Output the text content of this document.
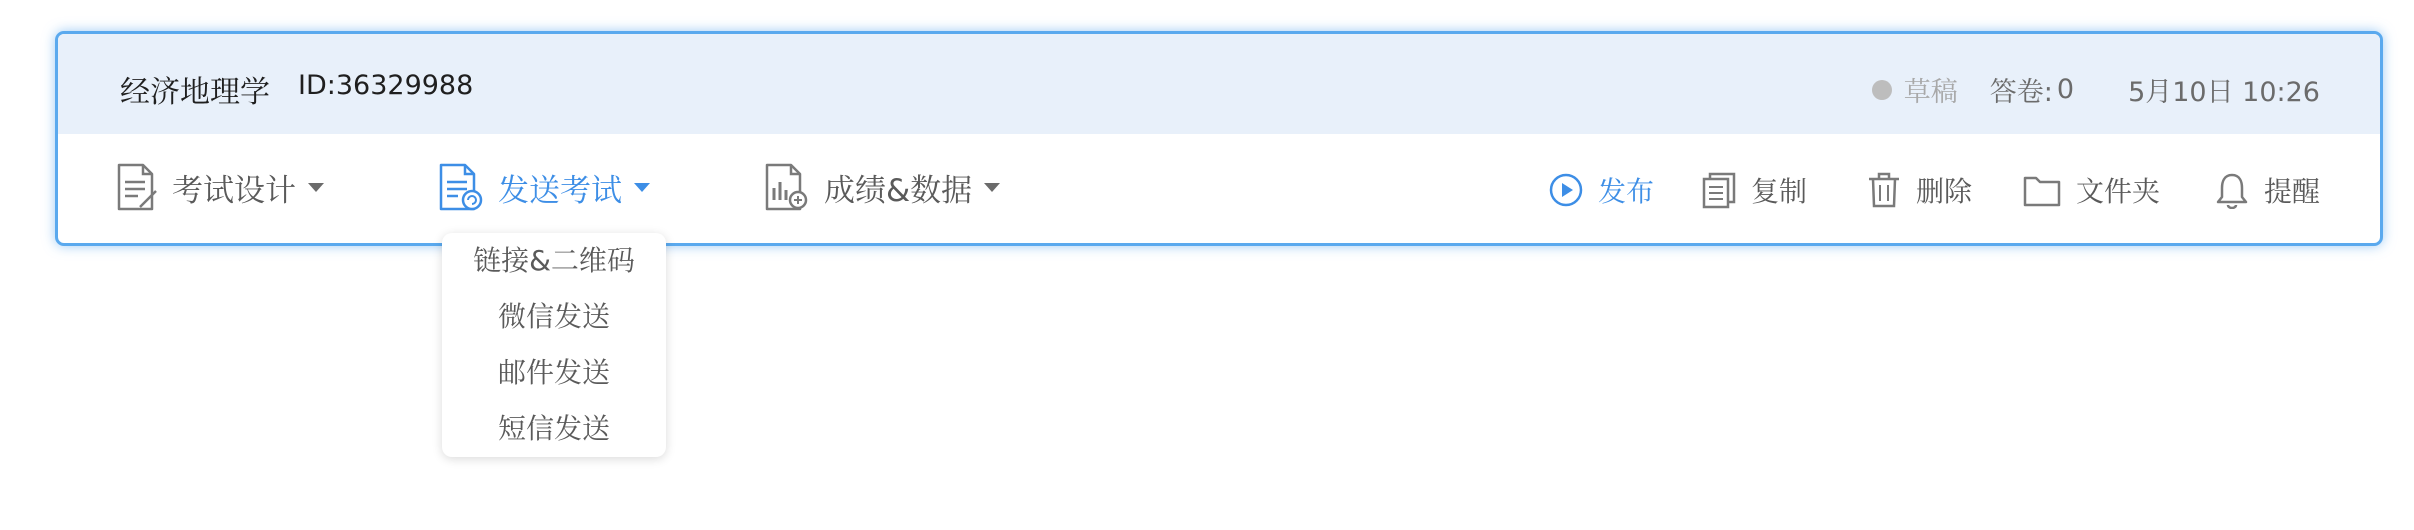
经济地理学 ID:36329988	草稿 答卷: 0 5月10日 10:26
考试设计	发送考试	成绩&数据	发布	复制	删除	文件夹	提醒
链接&二维码
微信发送
邮件发送
短信发送
